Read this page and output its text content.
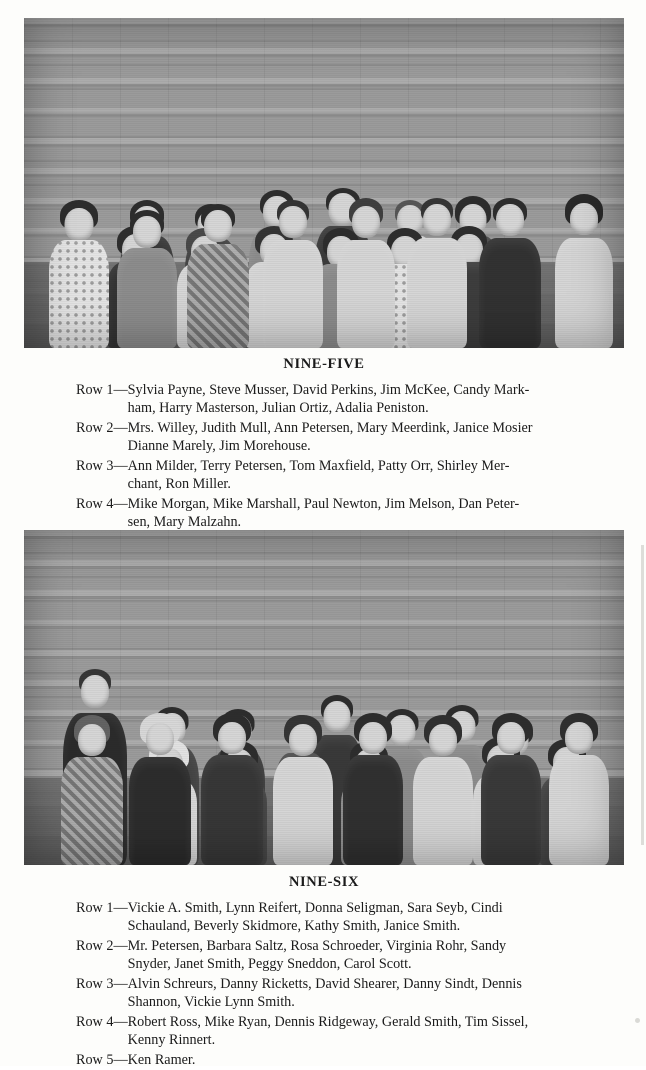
NINE-FIVE
Row 1— Sylvia Payne, Steve Musser, David Perkins, Jim McKee, Candy Mark-
ham, Harry Masterson, Julian Ortiz, Adalia Peniston.
Row 2— Mrs. Willey, Judith Mull, Ann Petersen, Mary Meerdink, Janice Mosier
Dianne Marely, Jim Morehouse.
Row 3— Ann Milder, Terry Petersen, Tom Maxfield, Patty Orr, Shirley Mer-
chant, Ron Miller.
Row 4— Mike Morgan, Mike Marshall, Paul Newton, Jim Melson, Dan Peter-
sen, Mary Malzahn.
NINE-SIX
Row 1— Vickie A. Smith, Lynn Reifert, Donna Seligman, Sara Seyb, Cindi
Schauland, Beverly Skidmore, Kathy Smith, Janice Smith.
Row 2— Mr. Petersen, Barbara Saltz, Rosa Schroeder, Virginia Rohr, Sandy
Snyder, Janet Smith, Peggy Sneddon, Carol Scott.
Row 3— Alvin Schreurs, Danny Ricketts, David Shearer, Danny Sindt, Dennis
Shannon, Vickie Lynn Smith.
Row 4— Robert Ross, Mike Ryan, Dennis Ridgeway, Gerald Smith, Tim Sissel,
Kenny Rinnert.
Row 5— Ken Ramer.
